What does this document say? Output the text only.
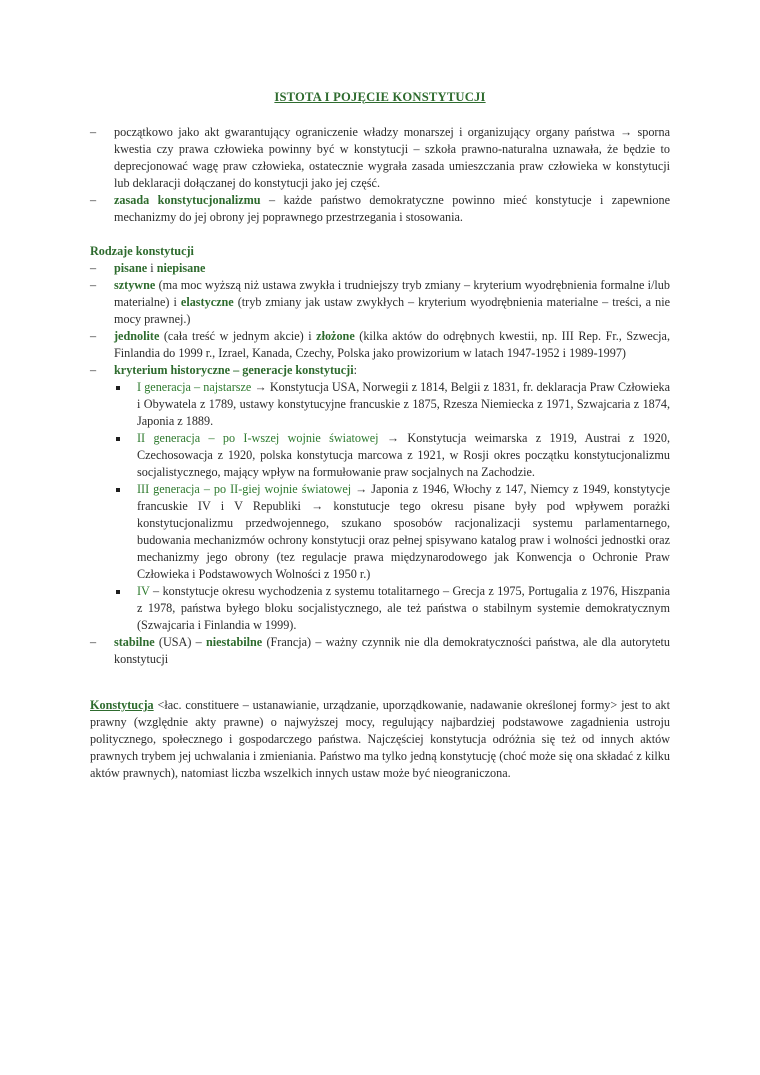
ISTOTA I POJĘCIE KONSTYTUCJI
– początkowo jako akt gwarantujący ograniczenie władzy monarszej i organizujący organy państwa → sporna kwestia czy prawa człowieka powinny być w konstytucji – szkoła prawno-naturalna uznawała, że będzie to deprecjonować wagę praw człowieka, ostatecznie wygrała zasada umieszczania praw człowieka w konstytucji lub deklaracji dołączanej do konstytucji jako jej część.
– zasada konstytucjonalizmu – każde państwo demokratyczne powinno mieć konstytucje i zapewnione mechanizmy do jej obrony jej poprawnego przestrzegania i stosowania.
Rodzaje konstytucji
– pisane i niepisane
– sztywne (ma moc wyższą niż ustawa zwykła i trudniejszy tryb zmiany – kryterium wyodrębnienia formalne i/lub materialne) i elastyczne (tryb zmiany jak ustaw zwykłych – kryterium wyodrębnienia materialne – treści, a nie mocy prawnej.)
– jednolite (cała treść w jednym akcie) i złożone (kilka aktów do odrębnych kwestii, np. III Rep. Fr., Szwecja, Finlandia do 1999 r., Izrael, Kanada, Czechy, Polska jako prowizorium w latach 1947-1952 i 1989-1997)
– kryterium historyczne – generacje konstytucji:
I generacja – najstarsze → Konstytucja USA, Norwegii z 1814, Belgii z 1831, fr. deklaracja Praw Człowieka i Obywatela z 1789, ustawy konstytucyjne francuskie z 1875, Rzesza Niemiecka z 1971, Szwajcaria z 1874, Japonia z 1889.
II generacja – po I-wszej wojnie światowej → Konstytucja weimarska z 1919, Austrai z 1920, Czechosowacja z 1920, polska konstytucja marcowa z 1921, w Rosji okres początku konstytucjonalizmu socjalistycznego, mający wpływ na formułowanie praw socjalnych na Zachodzie.
III generacja – po II-giej wojnie światowej → Japonia z 1946, Włochy z 147, Niemcy z 1949, konstytycje francuskie IV i V Republiki → konstutucje tego okresu pisane były pod wpływem porażki konstytucjonalizmu przedwojennego, szukano sposobów racjonalizacji systemu parlamentarnego, budowania mechanizmów ochrony konstytucji oraz pełnej spisywano katalog praw i wolności jednostki oraz mechanizmy jego obrony (tez regulacje prawa międzynarodowego jak Konwencja o Ochronie Praw Człowieka i Podstawowych Wolności z 1950 r.)
IV – konstytucje okresu wychodzenia z systemu totalitarnego – Grecja z 1975, Portugalia z 1976, Hiszpania z 1978, państwa byłego bloku socjalistycznego, ale też państwa o stabilnym systemie demokratycznym (Szwajcaria i Finlandia w 1999).
– stabilne (USA) – niestabilne (Francja) – ważny czynnik nie dla demokratyczności państwa, ale dla autorytetu konstytucji
Konstytucja <łac. constituere – ustanawianie, urządzanie, uporządkowanie, nadawanie określonej formy> jest to akt prawny (względnie akty prawne) o najwyższej mocy, regulujący najbardziej podstawowe zagadnienia ustroju politycznego, społecznego i gospodarczego państwa. Najczęściej konstytucja odróżnia się też od innych aktów prawnych trybem jej uchwalania i zmieniania. Państwo ma tylko jedną konstytucję (choć może się ona składać z kilku aktów prawnych), natomiast liczba wszelkich innych ustaw może być nieograniczona.
